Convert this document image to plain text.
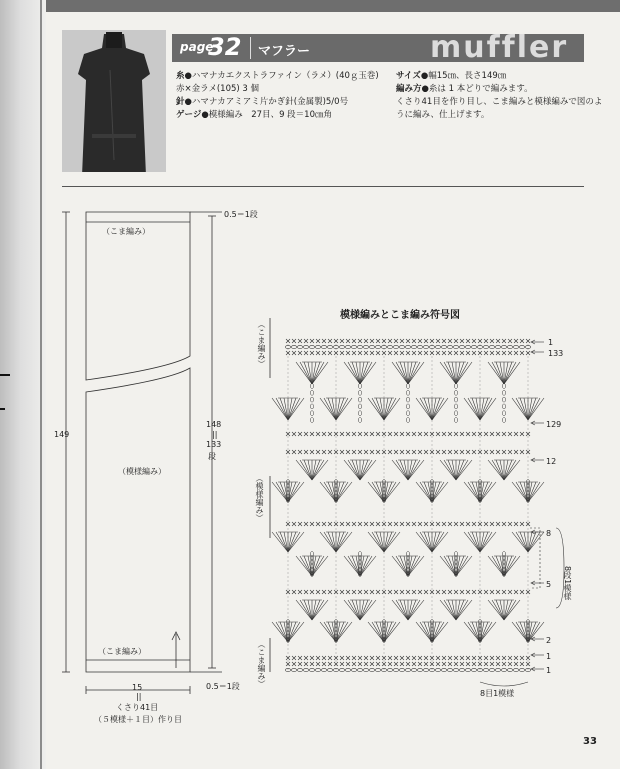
page
32 マフラー	muffler
糸●ハマナカエクストラファイン（ラメ）(40ｇ玉巻)
赤×金ラメ(105) 3 個
針●ハマナカアミアミ片かぎ針(金属製)5/0号
ゲージ●模様編み　27目、9 段＝10㎝角
サイズ●幅15㎝、長さ149㎝
編み方●糸は 1 本どりで編みます。
くさり41目を作り目し、こま編みと模様編みで図のよ
うに編み、仕上げます。
（こま編み）
（模様編み）
（こま編み）
0.5＝1段
0.5＝1段
149
148
||
133
段
15
||
くさり41目
（５模様＋１目）作り目
模様編みとこま編み符号図
（こま編み）
（模様編み）
（こま編み）
1
133
129
12
8
5
2
1
1
8段1模様
8目1模様
33
